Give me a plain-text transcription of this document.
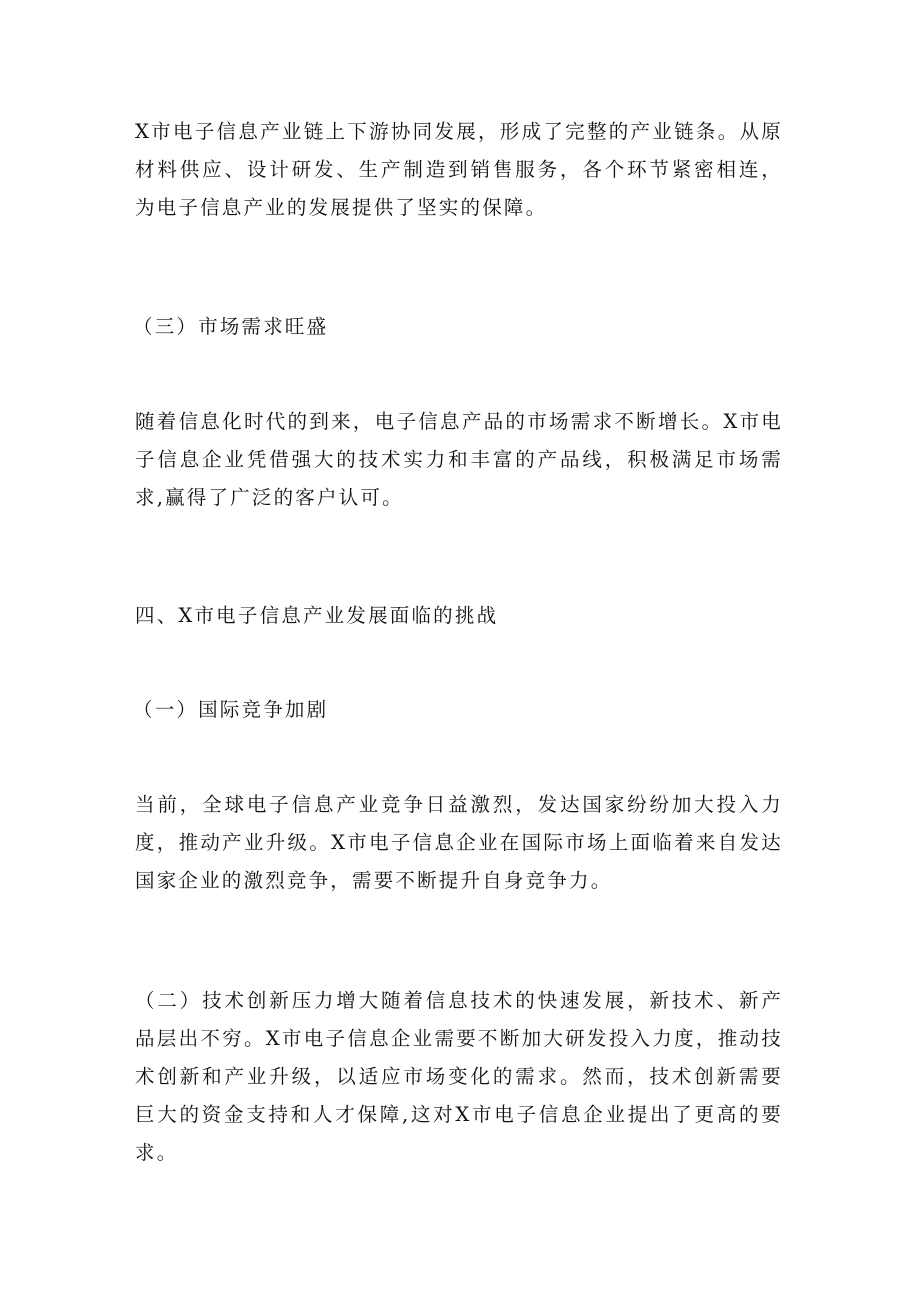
X市电子信息产业链上下游协同发展，形成了完整的产业链条。从原材料供应、设计研发、生产制造到销售服务，各个环节紧密相连，为电子信息产业的发展提供了坚实的保障。

（三）市场需求旺盛

随着信息化时代的到来，电子信息产品的市场需求不断增长。X市电子信息企业凭借强大的技术实力和丰富的产品线，积极满足市场需求,赢得了广泛的客户认可。

四、X市电子信息产业发展面临的挑战

（一）国际竞争加剧

当前，全球电子信息产业竞争日益激烈，发达国家纷纷加大投入力度，推动产业升级。X市电子信息企业在国际市场上面临着来自发达国家企业的激烈竞争，需要不断提升自身竞争力。

（二）技术创新压力增大随着信息技术的快速发展，新技术、新产品层出不穷。X市电子信息企业需要不断加大研发投入力度，推动技术创新和产业升级，以适应市场变化的需求。然而，技术创新需要巨大的资金支持和人才保障,这对X市电子信息企业提出了更高的要求。
